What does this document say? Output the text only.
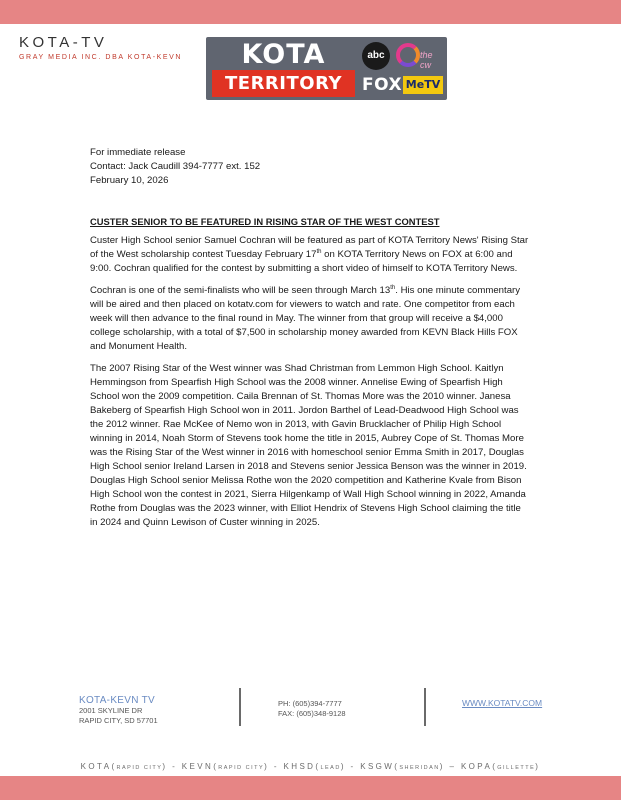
KOTA-TV
GRAY MEDIA INC. DBA KOTA-KEVN	KOTA
TERRITORY
abc	the cw
FOX MeTV
For immediate release
Contact: Jack Caudill 394-7777 ext. 152
February 10, 2026

CUSTER SENIOR TO BE FEATURED IN RISING STAR OF THE WEST CONTEST

Custer High School senior Samuel Cochran will be featured as part of KOTA Territory News' Rising Star of the West scholarship contest Tuesday February 17th on KOTA Territory News on FOX at 6:00 and 9:00. Cochran qualified for the contest by submitting a short video of himself to KOTA Territory News.

Cochran is one of the semi-finalists who will be seen through March 13th. His one minute commentary will be aired and then placed on kotatv.com for viewers to watch and rate. One competitor from each week will then advance to the final round in May. The winner from that group will receive a $4,000 college scholarship, with a total of $7,500 in scholarship money awarded from KEVN Black Hills FOX and Monument Health.

The 2007 Rising Star of the West winner was Shad Christman from Lemmon High School. Kaitlyn Hemmingson from Spearfish High School was the 2008 winner. Annelise Ewing of Spearfish High School won the 2009 competition. Caila Brennan of St. Thomas More was the 2010 winner. Janesa Bakeberg of Spearfish High School won in 2011. Jordon Barthel of Lead-Deadwood High School was the 2012 winner. Rae McKee of Nemo won in 2013, with Gavin Brucklacher of Philip High School winning in 2014, Noah Storm of Stevens took home the title in 2015, Aubrey Cope of St. Thomas More was the Rising Star of the West winner in 2016 with homeschool senior Emma Smith in 2017, Douglas High School senior Ireland Larsen in 2018 and Stevens senior Jessica Benson was the winner in 2019. Douglas High School senior Melissa Rothe won the 2020 competition and Katherine Kvale from Bison High School won the contest in 2021, Sierra Hilgenkamp of Wall High School winning in 2022, Amanda Rothe from Douglas was the 2023 winner, with Elliot Hendrix of Stevens High School claiming the title in 2024 and Quinn Lewison of Custer winning in 2025.

KOTA-KEVN TV
2001 SKYLINE DR
RAPID CITY, SD 57701
PH: (605)394-7777
FAX: (605)348-9128
WWW.KOTATV.COM
KOTA(RAPID CITY) - KEVN(RAPID CITY) - KHSD(LEAD) - KSGW(SHERIDAN) – KOPA(GILLETTE)
